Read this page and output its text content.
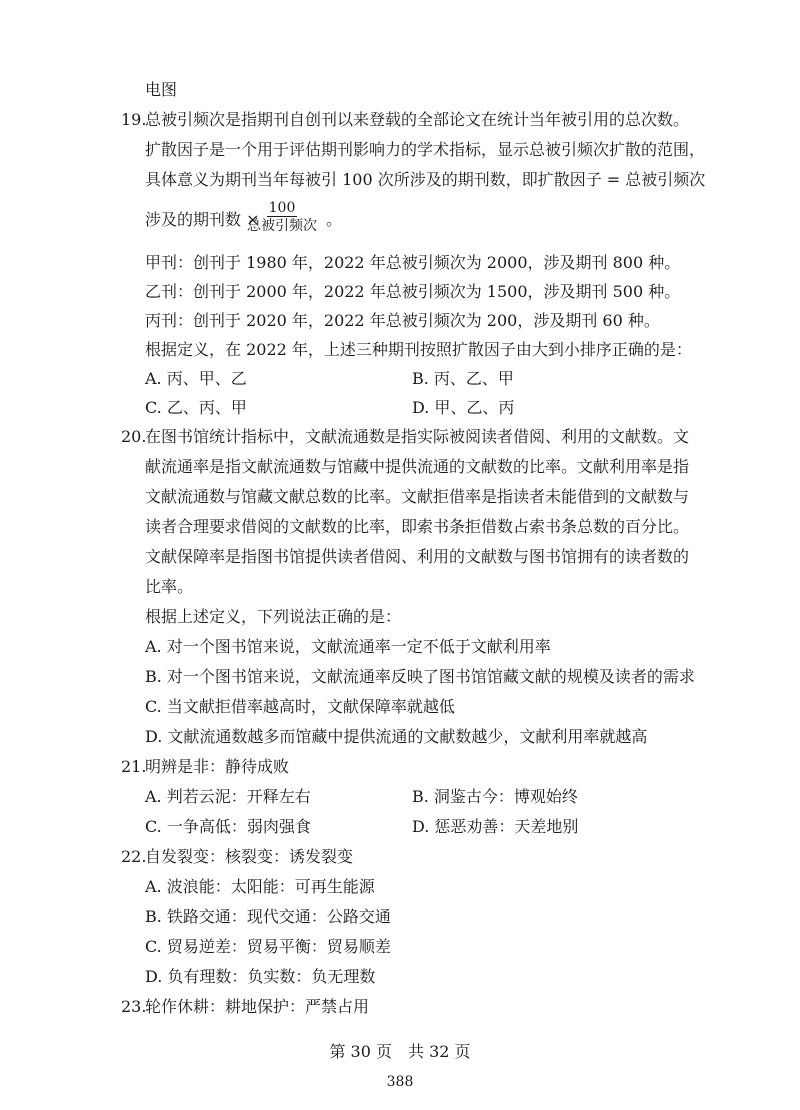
电图
19.
总被引频次是指期刊自创刊以来登载的全部论文在统计当年被引用的总次数。
扩散因子是一个用于评估期刊影响力的学术指标，显示总被引频次扩散的范围，
具体意义为期刊当年每被引 100 次所涉及的期刊数，即扩散因子 = 总被引频次
涉及的期刊数 ×
100
总被引频次 。
甲刊：创刊于 1980 年，2022 年总被引频次为 2000，涉及期刊 800 种。
乙刊：创刊于 2000 年，2022 年总被引频次为 1500，涉及期刊 500 种。
丙刊：创刊于 2020 年，2022 年总被引频次为 200，涉及期刊 60 种。
根据定义，在 2022 年，上述三种期刊按照扩散因子由大到小排序正确的是：
A. 丙、甲、乙	B. 丙、乙、甲
C. 乙、丙、甲	D. 甲、乙、丙
20.
在图书馆统计指标中，文献流通数是指实际被阅读者借阅、利用的文献数。文
献流通率是指文献流通数与馆藏中提供流通的文献数的比率。文献利用率是指
文献流通数与馆藏文献总数的比率。文献拒借率是指读者未能借到的文献数与
读者合理要求借阅的文献数的比率，即索书条拒借数占索书条总数的百分比。
文献保障率是指图书馆提供读者借阅、利用的文献数与图书馆拥有的读者数的
比率。
根据上述定义，下列说法正确的是：
A. 对一个图书馆来说，文献流通率一定不低于文献利用率
B. 对一个图书馆来说，文献流通率反映了图书馆馆藏文献的规模及读者的需求
C. 当文献拒借率越高时，文献保障率就越低
D. 文献流通数越多而馆藏中提供流通的文献数越少，文献利用率就越高
21.
明辨是非：静待成败
A. 判若云泥：开释左右	B. 洞鉴古今：博观始终
C. 一争高低：弱肉强食	D. 惩恶劝善：天差地别
22.
自发裂变：核裂变：诱发裂变
A. 波浪能：太阳能：可再生能源
B. 铁路交通：现代交通：公路交通
C. 贸易逆差：贸易平衡：贸易顺差
D. 负有理数：负实数：负无理数
23.
轮作休耕：耕地保护：严禁占用
第 30 页　共 32 页
388
